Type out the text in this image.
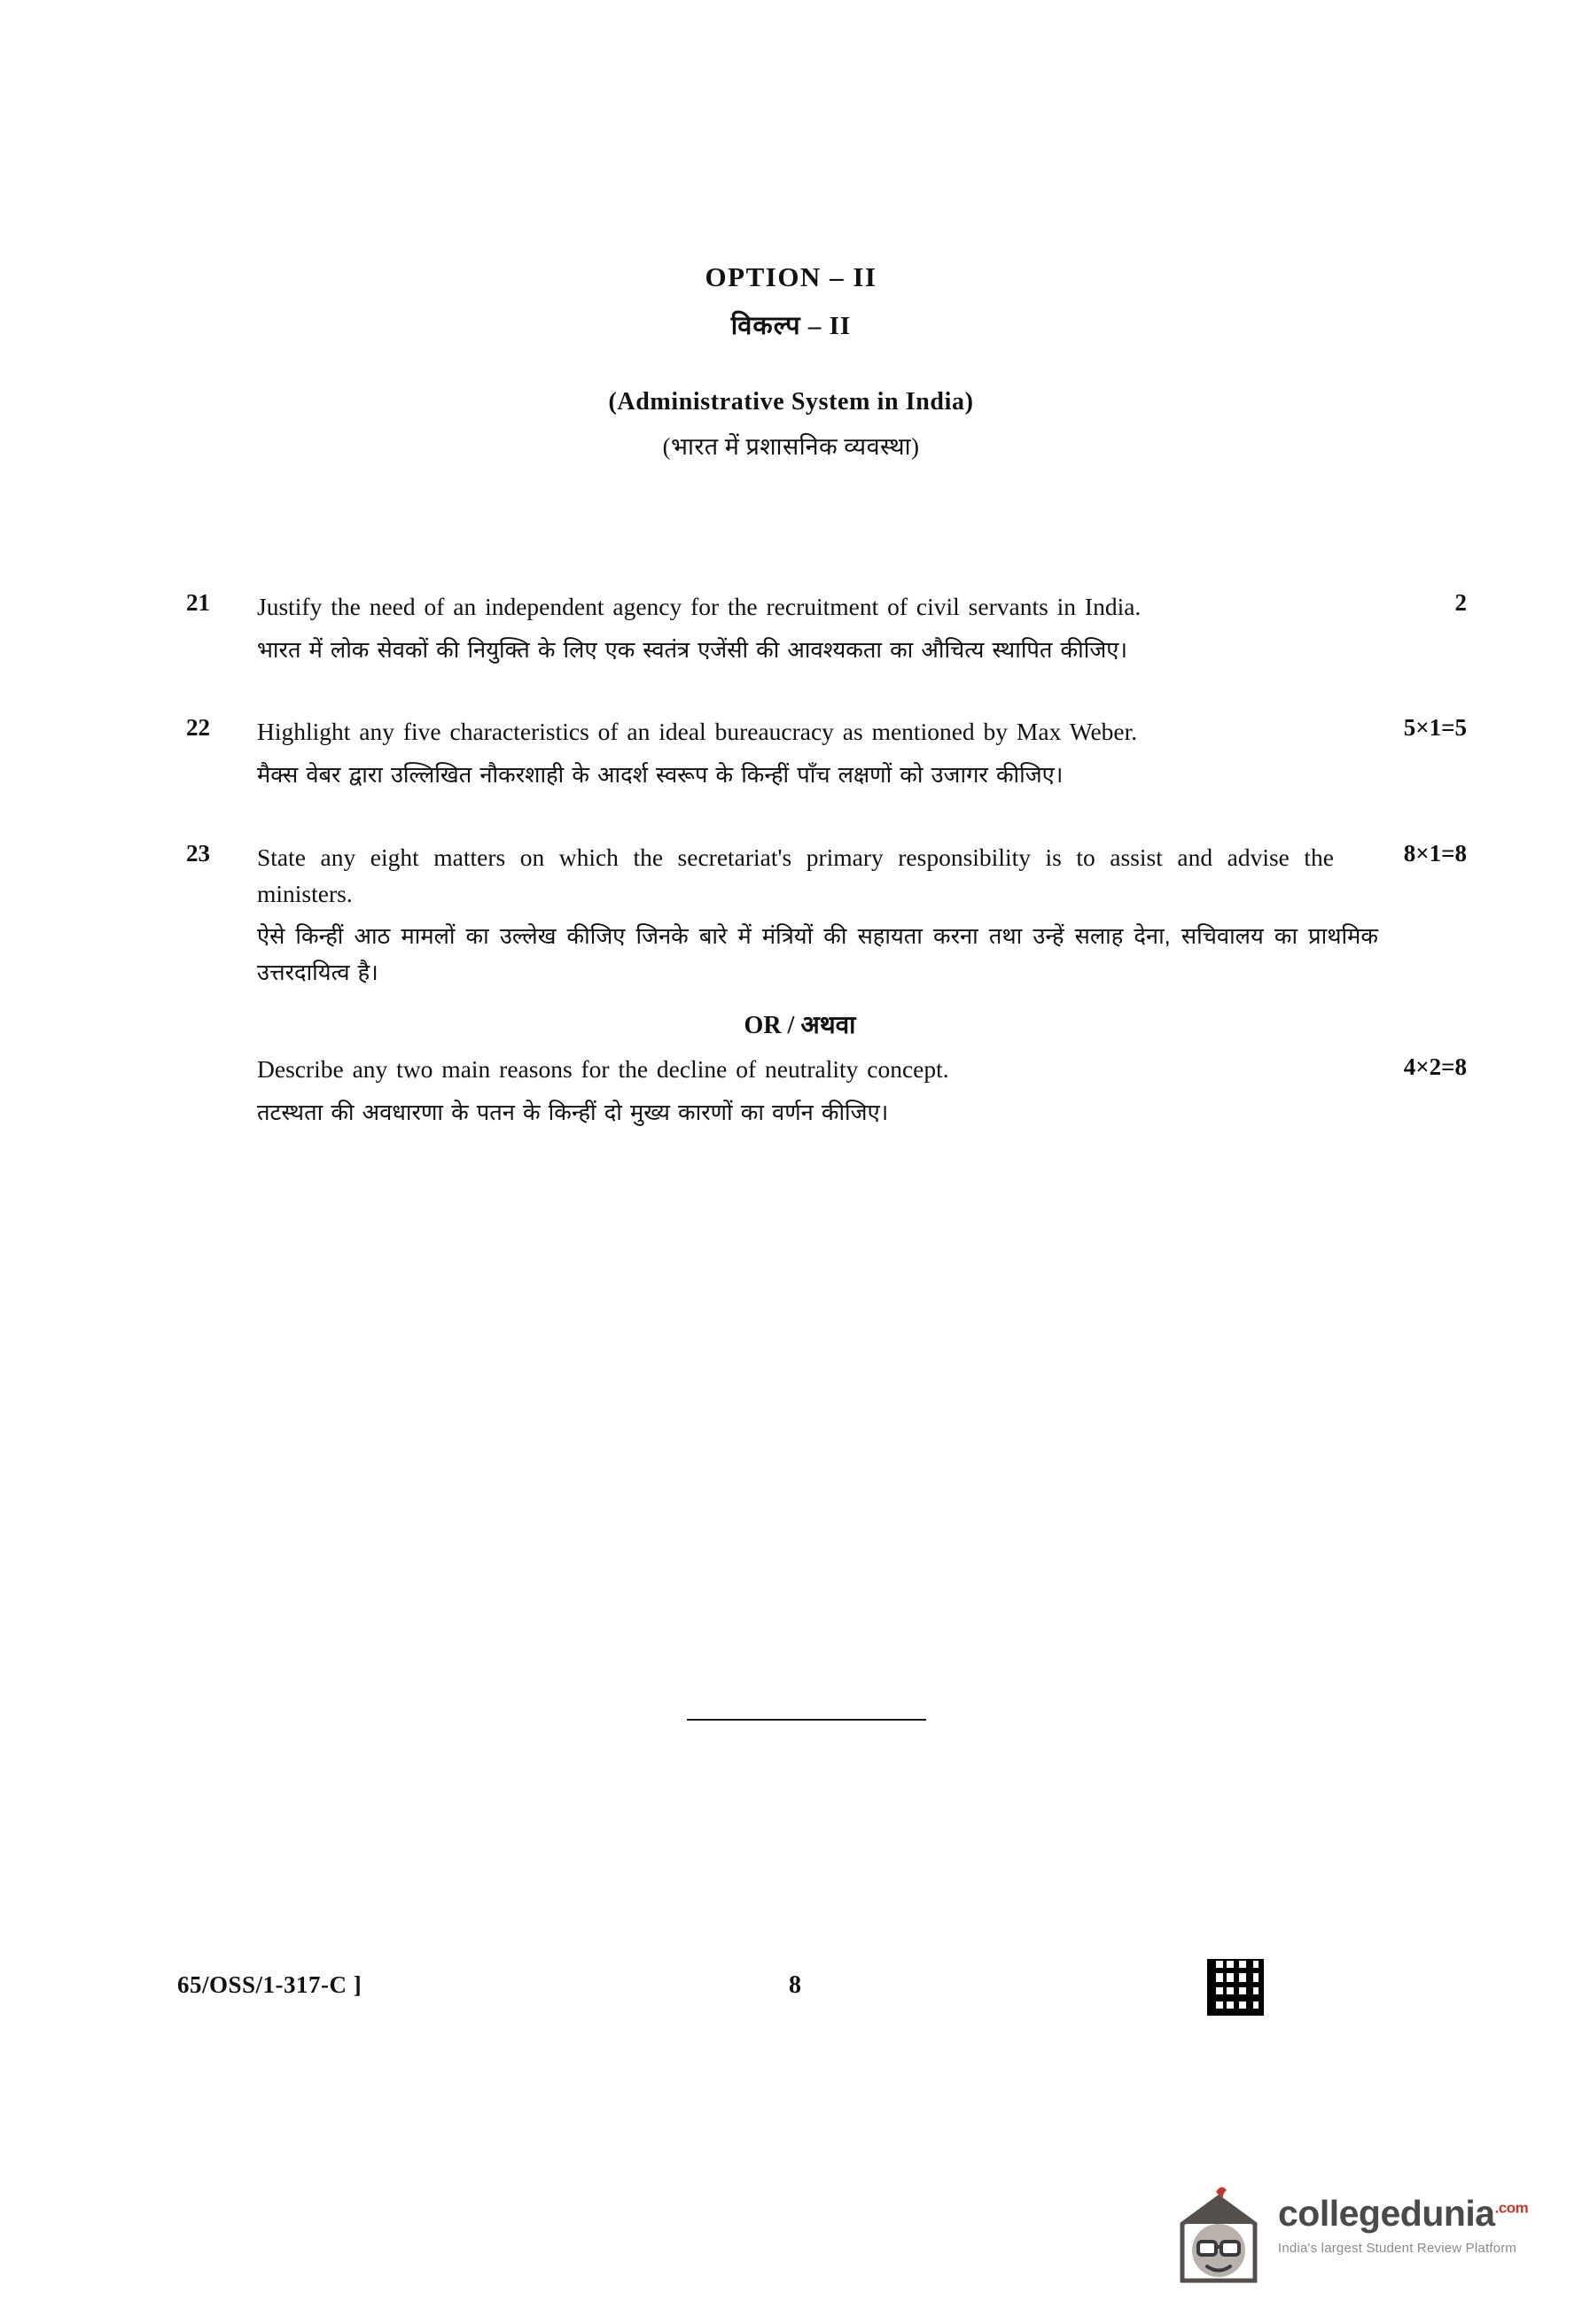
OPTION – II
विकल्प – II
(Administrative System in India)
(भारत में प्रशासनिक व्यवस्था)
21	2
Justify the need of an independent agency for the recruitment of civil servants in India.
भारत में लोक सेवकों की नियुक्ति के लिए एक स्वतंत्र एजेंसी की आवश्यकता का औचित्य स्थापित कीजिए।
22	5×1=5
Highlight any five characteristics of an ideal bureaucracy as mentioned by Max Weber.
मैक्स वेबर द्वारा उल्लिखित नौकरशाही के आदर्श स्वरूप के किन्हीं पाँच लक्षणों को उजागर कीजिए।
23	8×1=8
State any eight matters on which the secretariat's primary responsibility is to assist and advise the ministers.
ऐसे किन्हीं आठ मामलों का उल्लेख कीजिए जिनके बारे में मंत्रियों की सहायता करना तथा उन्हें सलाह देना, सचिवालय का प्राथमिक उत्तरदायित्व है।
OR / अथवा
4×2=8
Describe any two main reasons for the decline of neutrality concept.
तटस्थता की अवधारणा के पतन के किन्हीं दो मुख्य कारणों का वर्णन कीजिए।
65/OSS/1-317-C ]	8
collegedunia$^{.com}$
India's largest Student Review Platform
